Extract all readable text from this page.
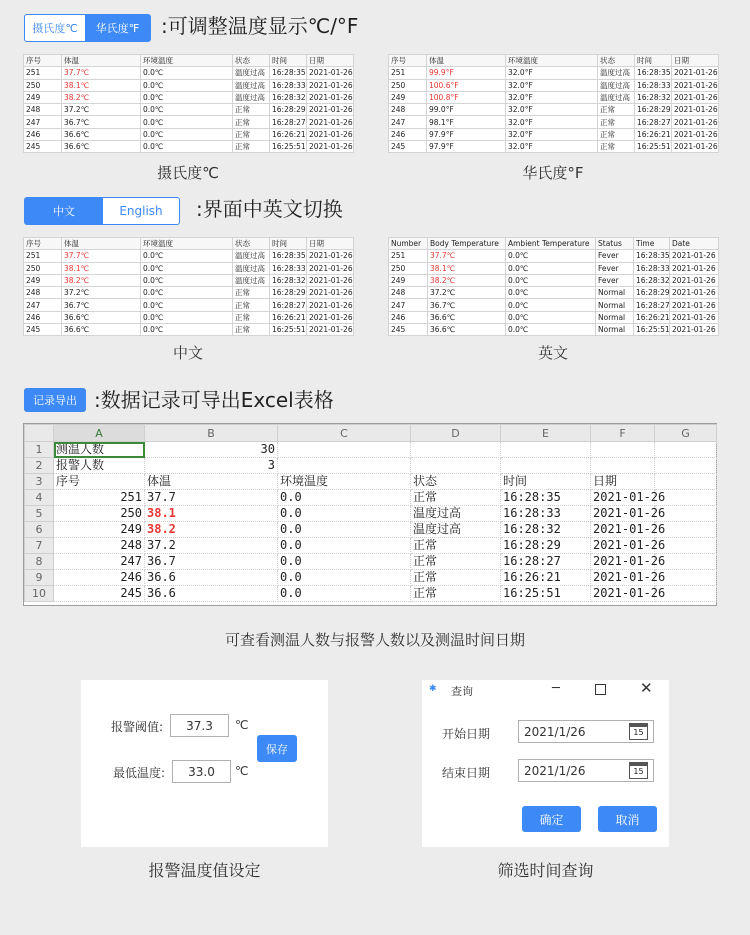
摄氏度℃	华氏度℉	:可调整温度显示℃/°F
序号	体温	环境温度	状态	时间	日期
251	37.7℃	0.0℃	温度过高	16:28:35	2021-01-26
250	38.1℃	0.0℃	温度过高	16:28:33	2021-01-26
249	38.2℃	0.0℃	温度过高	16:28:32	2021-01-26
248	37.2℃	0.0℃	正常	16:28:29	2021-01-26
247	36.7℃	0.0℃	正常	16:28:27	2021-01-26
246	36.6℃	0.0℃	正常	16:26:21	2021-01-26
245	36.6℃	0.0℃	正常	16:25:51	2021-01-26
摄氏度℃
序号	体温	环境温度	状态	时间	日期
251	99.9°F	32.0°F	温度过高	16:28:35	2021-01-26
250	100.6°F	32.0°F	温度过高	16:28:33	2021-01-26
249	100.8°F	32.0°F	温度过高	16:28:32	2021-01-26
248	99.0°F	32.0°F	正常	16:28:29	2021-01-26
247	98.1°F	32.0°F	正常	16:28:27	2021-01-26
246	97.9°F	32.0°F	正常	16:26:21	2021-01-26
245	97.9°F	32.0°F	正常	16:25:51	2021-01-26
华氏度°F
中文	English	:界面中英文切换
序号	体温	环境温度	状态	时间	日期
251	37.7℃	0.0℃	温度过高	16:28:35	2021-01-26
250	38.1℃	0.0℃	温度过高	16:28:33	2021-01-26
249	38.2℃	0.0℃	温度过高	16:28:32	2021-01-26
248	37.2℃	0.0℃	正常	16:28:29	2021-01-26
247	36.7℃	0.0℃	正常	16:28:27	2021-01-26
246	36.6℃	0.0℃	正常	16:26:21	2021-01-26
245	36.6℃	0.0℃	正常	16:25:51	2021-01-26
中文
Number	Body Temperature	Ambient Temperature	Status	Time	Date
251	37.7℃	0.0℃	Fever	16:28:35	2021-01-26
250	38.1℃	0.0℃	Fever	16:28:33	2021-01-26
249	38.2℃	0.0℃	Fever	16:28:32	2021-01-26
248	37.2℃	0.0℃	Normal	16:28:29	2021-01-26
247	36.7℃	0.0℃	Normal	16:28:27	2021-01-26
246	36.6℃	0.0℃	Normal	16:26:21	2021-01-26
245	36.6℃	0.0℃	Normal	16:25:51	2021-01-26
英文
记录导出 :数据记录可导出Excel表格
	A	B	C	D	E	F	G
1	测温人数	30					
2	报警人数	3					
3	序号	体温	环境温度	状态	时间	日期	
4	251	37.7	0.0	正常	16:28:35	2021-01-26	
5	250	38.1	0.0	温度过高	16:28:33	2021-01-26	
6	249	38.2	0.0	温度过高	16:28:32	2021-01-26	
7	248	37.2	0.0	正常	16:28:29	2021-01-26	
8	247	36.7	0.0	正常	16:28:27	2021-01-26	
9	246	36.6	0.0	正常	16:26:21	2021-01-26	
10	245	36.6	0.0	正常	16:25:51	2021-01-26	
可查看测温人数与报警人数以及测温时间日期
报警阈值: 37.3 ℃
最低温度: 33.0 ℃
保存
报警温度值设定
✱ 查询	─	✕
开始日期	2021/1/26	15
结束日期	2021/1/26	15
确定	取消
筛选时间查询
